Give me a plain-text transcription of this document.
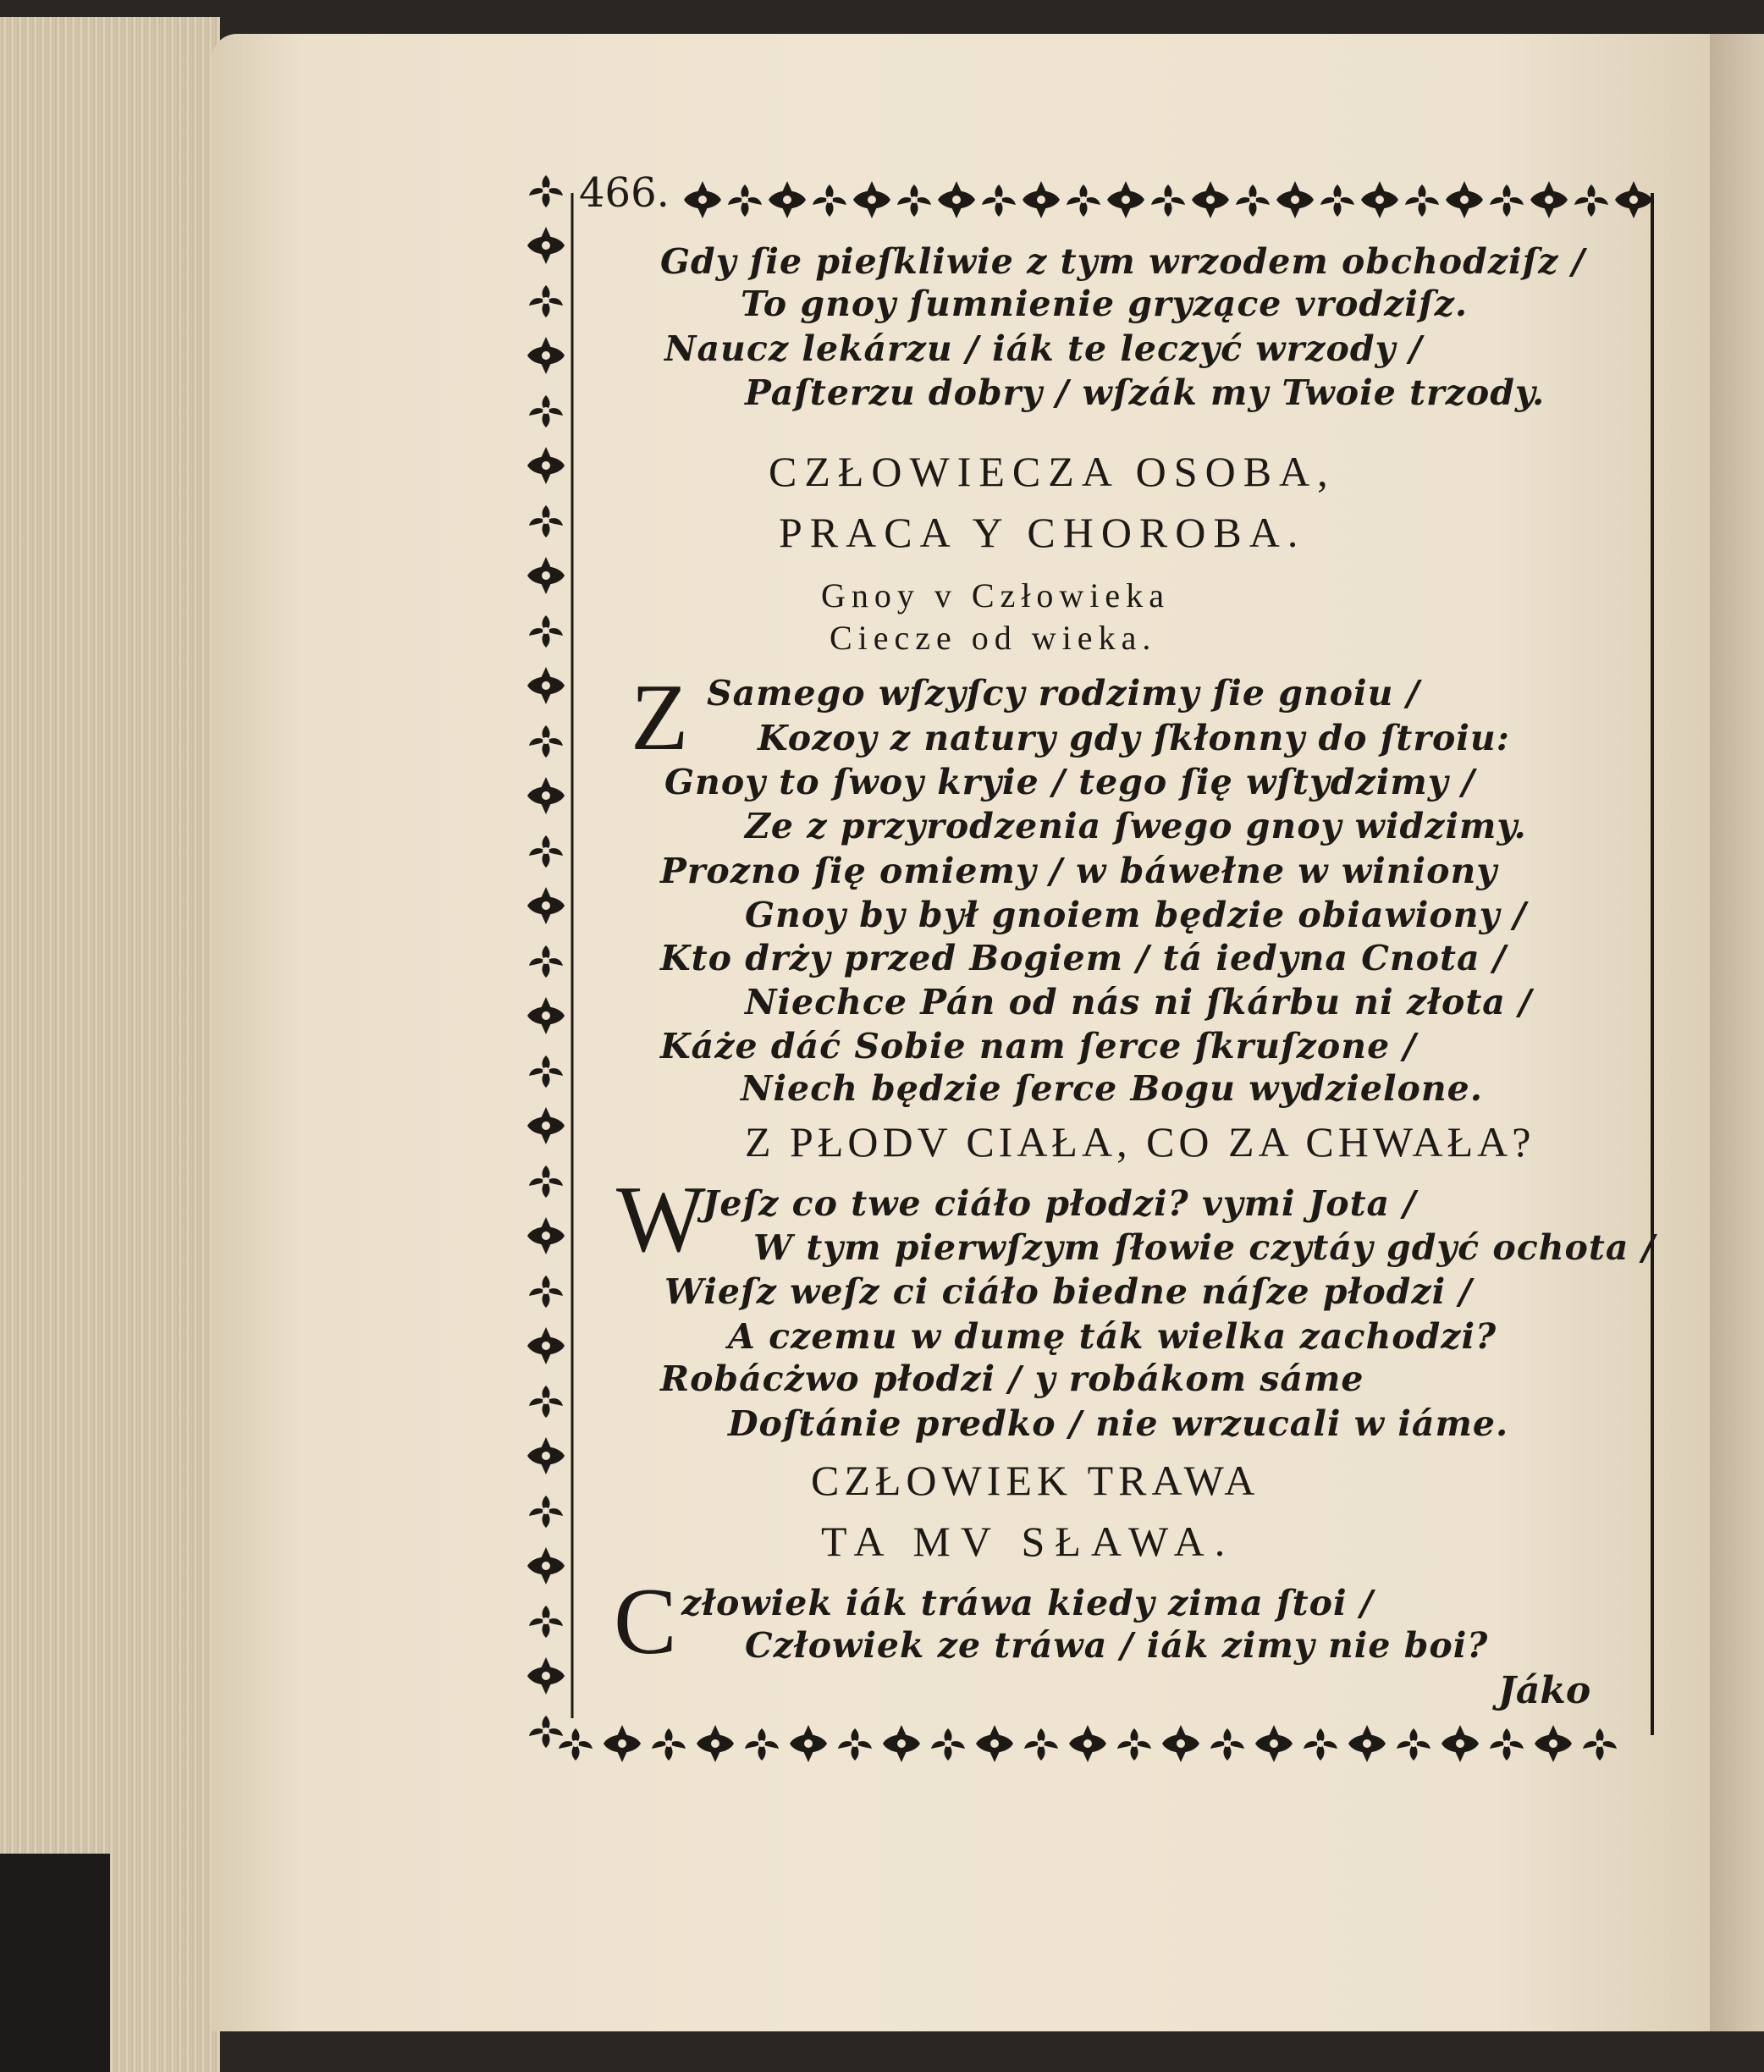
466.
Gdy ſie pieſkliwie z tym wrzodem obchodziſz /
To gnoy ſumnienie gryzące vrodziſz.
Naucz lekárzu / iák te leczyć wrzody /
Paſterzu dobry / wſzák my Twoie trzody.
CZŁOWIECZA OSOBA,
PRACA Y CHOROBA.
Gnoy v Człowieka
Ciecze od wieka.
Z Samego wſzyſcy rodzimy ſie gnoiu /
Kozoy z natury gdy ſkłonny do ſtroiu:
Gnoy to ſwoy kryie / tego ſię wſtydzimy /
Ze z przyrodzenia ſwego gnoy widzimy.
Prozno ſię omiemy / w báwełne w winiony
Gnoy by był gnoiem będzie obiawiony /
Kto drży przed Bogiem / tá iedyna Cnota /
Niechce Pán od nás ni ſkárbu ni złota /
Káże dáć Sobie nam ſerce ſkruſzone /
Niech będzie ſerce Bogu wydzielone.
Z PŁODV CIAŁA, CO ZA CHWAŁA?
W
Jeſz co twe ciáło płodzi? vymi Jota /
W tym pierwſzym ſłowie czytáy gdyć ochota /
Wieſz weſz ci ciáło biedne náſze płodzi /
A czemu w dumę ták wielka zachodzi?
Robácżwo płodzi / y robákom sáme
Doſtánie predko / nie wrzucali w iáme.
CZŁOWIEK TRAWA
TA MV SŁAWA.
C złowiek iák tráwa kiedy zima ſtoi /
Człowiek ze tráwa / iák zimy nie boi?
Jáko
